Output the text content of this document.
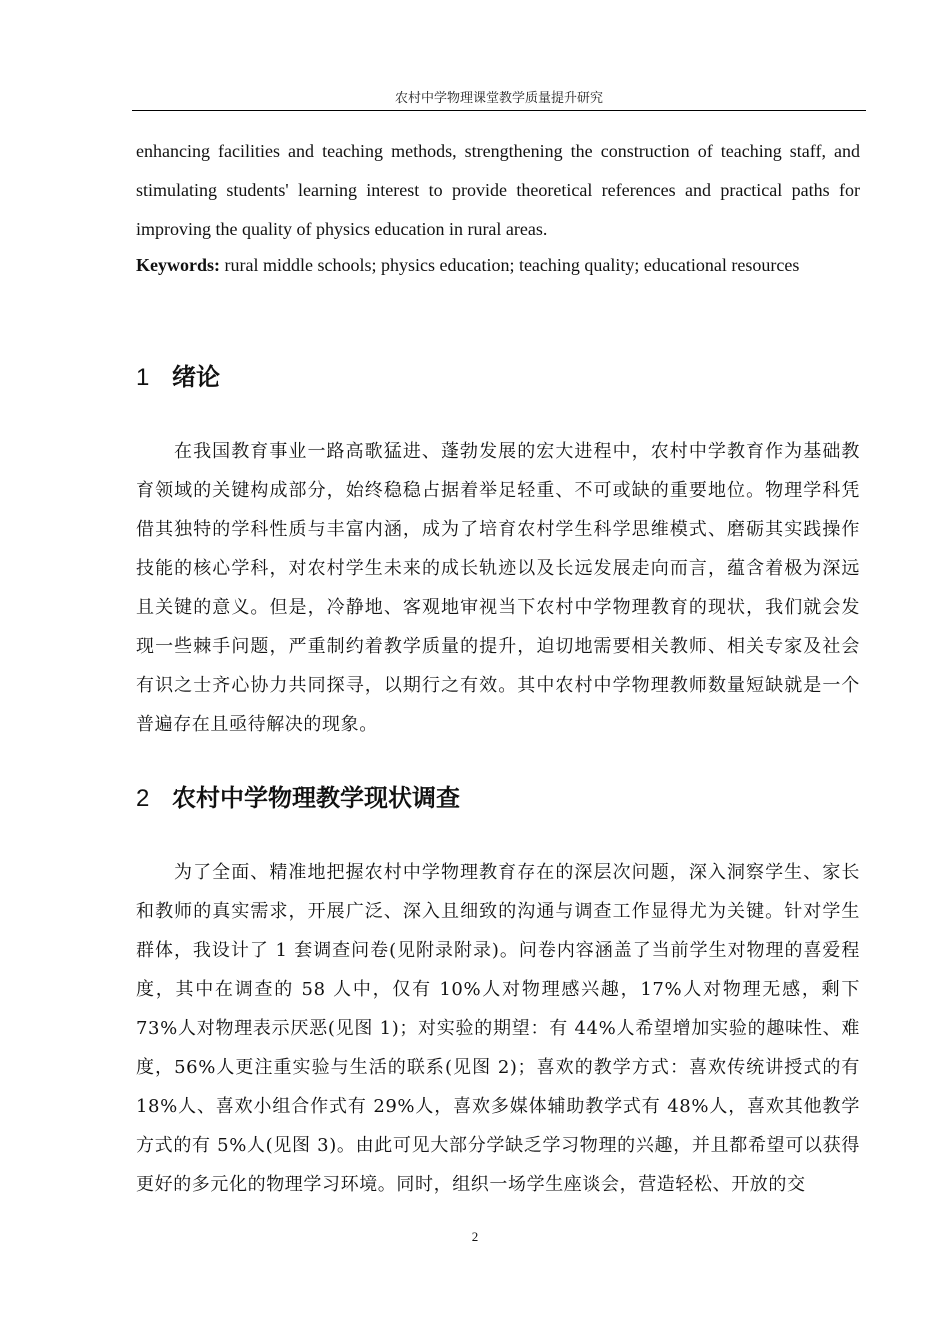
农村中学物理课堂教学质量提升研究

enhancing facilities and teaching methods, strengthening the construction of teaching staff, and stimulating students' learning interest to provide theoretical references and practical paths for improving the quality of physics education in rural areas.

Keywords: rural middle schools; physics education; teaching quality; educational resources

1 绪论

在我国教育事业一路高歌猛进、蓬勃发展的宏大进程中，农村中学教育作为基础教育领域的关键构成部分，始终稳稳占据着举足轻重、不可或缺的重要地位。物理学科凭借其独特的学科性质与丰富内涵，成为了培育农村学生科学思维模式、磨砺其实践操作技能的核心学科，对农村学生未来的成长轨迹以及长远发展走向而言，蕴含着极为深远且关键的意义。但是，冷静地、客观地审视当下农村中学物理教育的现状，我们就会发现一些棘手问题，严重制约着教学质量的提升，迫切地需要相关教师、相关专家及社会有识之士齐心协力共同探寻，以期行之有效。其中农村中学物理教师数量短缺就是一个普遍存在且亟待解决的现象。

2 农村中学物理教学现状调查

为了全面、精准地把握农村中学物理教育存在的深层次问题，深入洞察学生、家长和教师的真实需求，开展广泛、深入且细致的沟通与调查工作显得尤为关键。针对学生群体，我设计了 1 套调查问卷(见附录附录)。问卷内容涵盖了当前学生对物理的喜爱程度，其中在调查的 58 人中，仅有 10%人对物理感兴趣，17%人对物理无感，剩下 73%人对物理表示厌恶(见图 1)；对实验的期望：有 44%人希望增加实验的趣味性、难度，56%人更注重实验与生活的联系(见图 2)；喜欢的教学方式：喜欢传统讲授式的有 18%人、喜欢小组合作式有 29%人，喜欢多媒体辅助教学式有 48%人，喜欢其他教学方式的有 5%人(见图 3)。由此可见大部分学缺乏学习物理的兴趣，并且都希望可以获得更好的多元化的物理学习环境。同时，组织一场学生座谈会，营造轻松、开放的交

2
